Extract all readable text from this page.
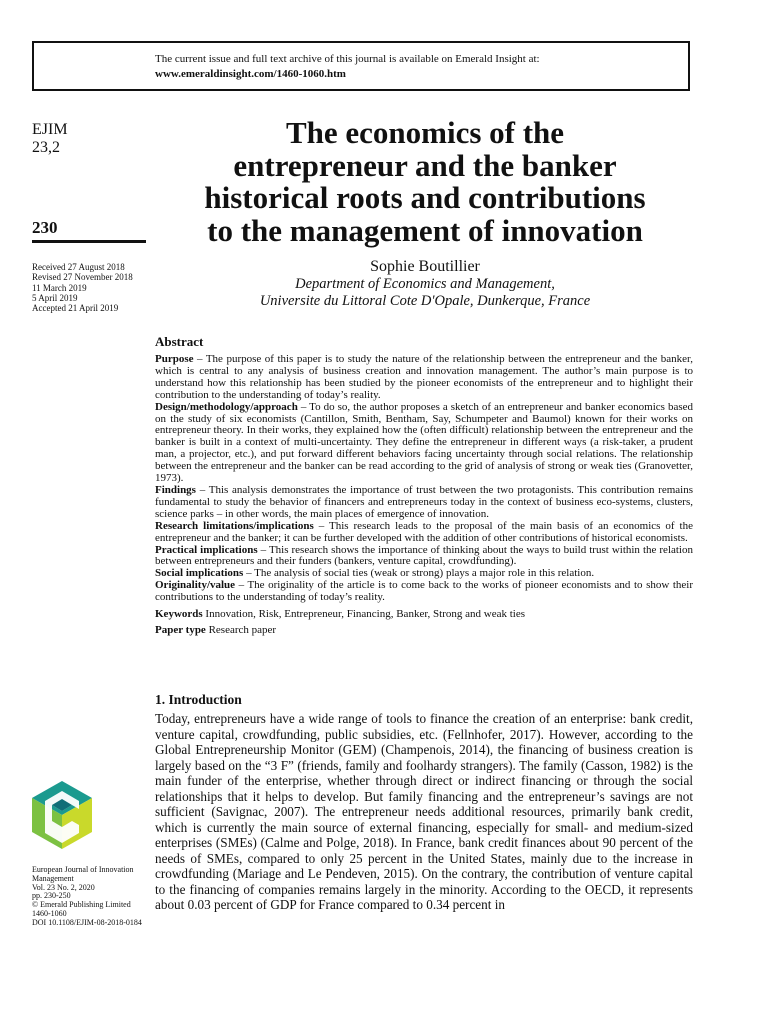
The current issue and full text archive of this journal is available on Emerald Insight at:
www.emeraldinsight.com/1460-1060.htm
EJIM
23,2
230
Received 27 August 2018
Revised 27 November 2018
11 March 2019
5 April 2019
Accepted 21 April 2019
The economics of the
entrepreneur and the banker
historical roots and contributions
to the management of innovation
Sophie Boutillier
Department of Economics and Management,
Universite du Littoral Cote D'Opale, Dunkerque, France
Abstract

Purpose – The purpose of this paper is to study the nature of the relationship between the entrepreneur and the banker, which is central to any analysis of business creation and innovation management. The author’s main purpose is to understand how this relationship has been studied by the pioneer economists of the entrepreneur and to highlight their contribution to the understanding of today’s reality.

Design/methodology/approach – To do so, the author proposes a sketch of an entrepreneur and banker economics based on the study of six economists (Cantillon, Smith, Bentham, Say, Schumpeter and Baumol) known for their works on entrepreneur theory. In their works, they explained how the (often difficult) relationship between the entrepreneur and the banker is built in a context of multi-uncertainty. They define the entrepreneur in different ways (a risk-taker, a prudent man, a projector, etc.), and put forward different behaviors facing uncertainty through social relations. The relationship between the entrepreneur and the banker can be read according to the grid of analysis of strong or weak ties (Granovetter, 1973).

Findings – This analysis demonstrates the importance of trust between the two protagonists. This contribution remains fundamental to study the behavior of financers and entrepreneurs today in the context of business eco-systems, clusters, science parks – in other words, the main places of emergence of innovation.

Research limitations/implications – This research leads to the proposal of the main basis of an economics of the entrepreneur and the banker; it can be further developed with the addition of other contributions of historical economists.

Practical implications – This research shows the importance of thinking about the ways to build trust within the relation between entrepreneurs and their funders (bankers, venture capital, crowdfunding).

Social implications – The analysis of social ties (weak or strong) plays a major role in this relation.

Originality/value – The originality of the article is to come back to the works of pioneer economists and to show their contributions to the understanding of today’s reality.

Keywords Innovation, Risk, Entrepreneur, Financing, Banker, Strong and weak ties
Paper type Research paper
1. Introduction

Today, entrepreneurs have a wide range of tools to finance the creation of an enterprise: bank credit, venture capital, crowdfunding, public subsidies, etc. (Fellnhofer, 2017). However, according to the Global Entrepreneurship Monitor (GEM) (Champenois, 2014), the financing of business creation is largely based on the “3 F” (friends, family and foolhardy strangers). The family (Casson, 1982) is the main funder of the enterprise, whether through direct or indirect financing or through the social relationships that it helps to develop. But family financing and the entrepreneur’s savings are not sufficient (Savignac, 2007). The entrepreneur needs additional resources, primarily bank credit, which is currently the main source of external financing, especially for small- and medium-sized enterprises (SMEs) (Calme and Polge, 2018). In France, bank credit finances about 90 percent of the needs of SMEs, compared to only 25 percent in the United States, mainly due to the increase in crowdfunding (Mariage and Le Pendeven, 2015). On the contrary, the contribution of venture capital to the financing of companies remains largely in the minority. According to the OECD, it represents about 0.03 percent of GDP for France compared to 0.34 percent in

European Journal of Innovation
Management
Vol. 23 No. 2, 2020
pp. 230-250
© Emerald Publishing Limited
1460-1060
DOI 10.1108/EJIM-08-2018-0184
